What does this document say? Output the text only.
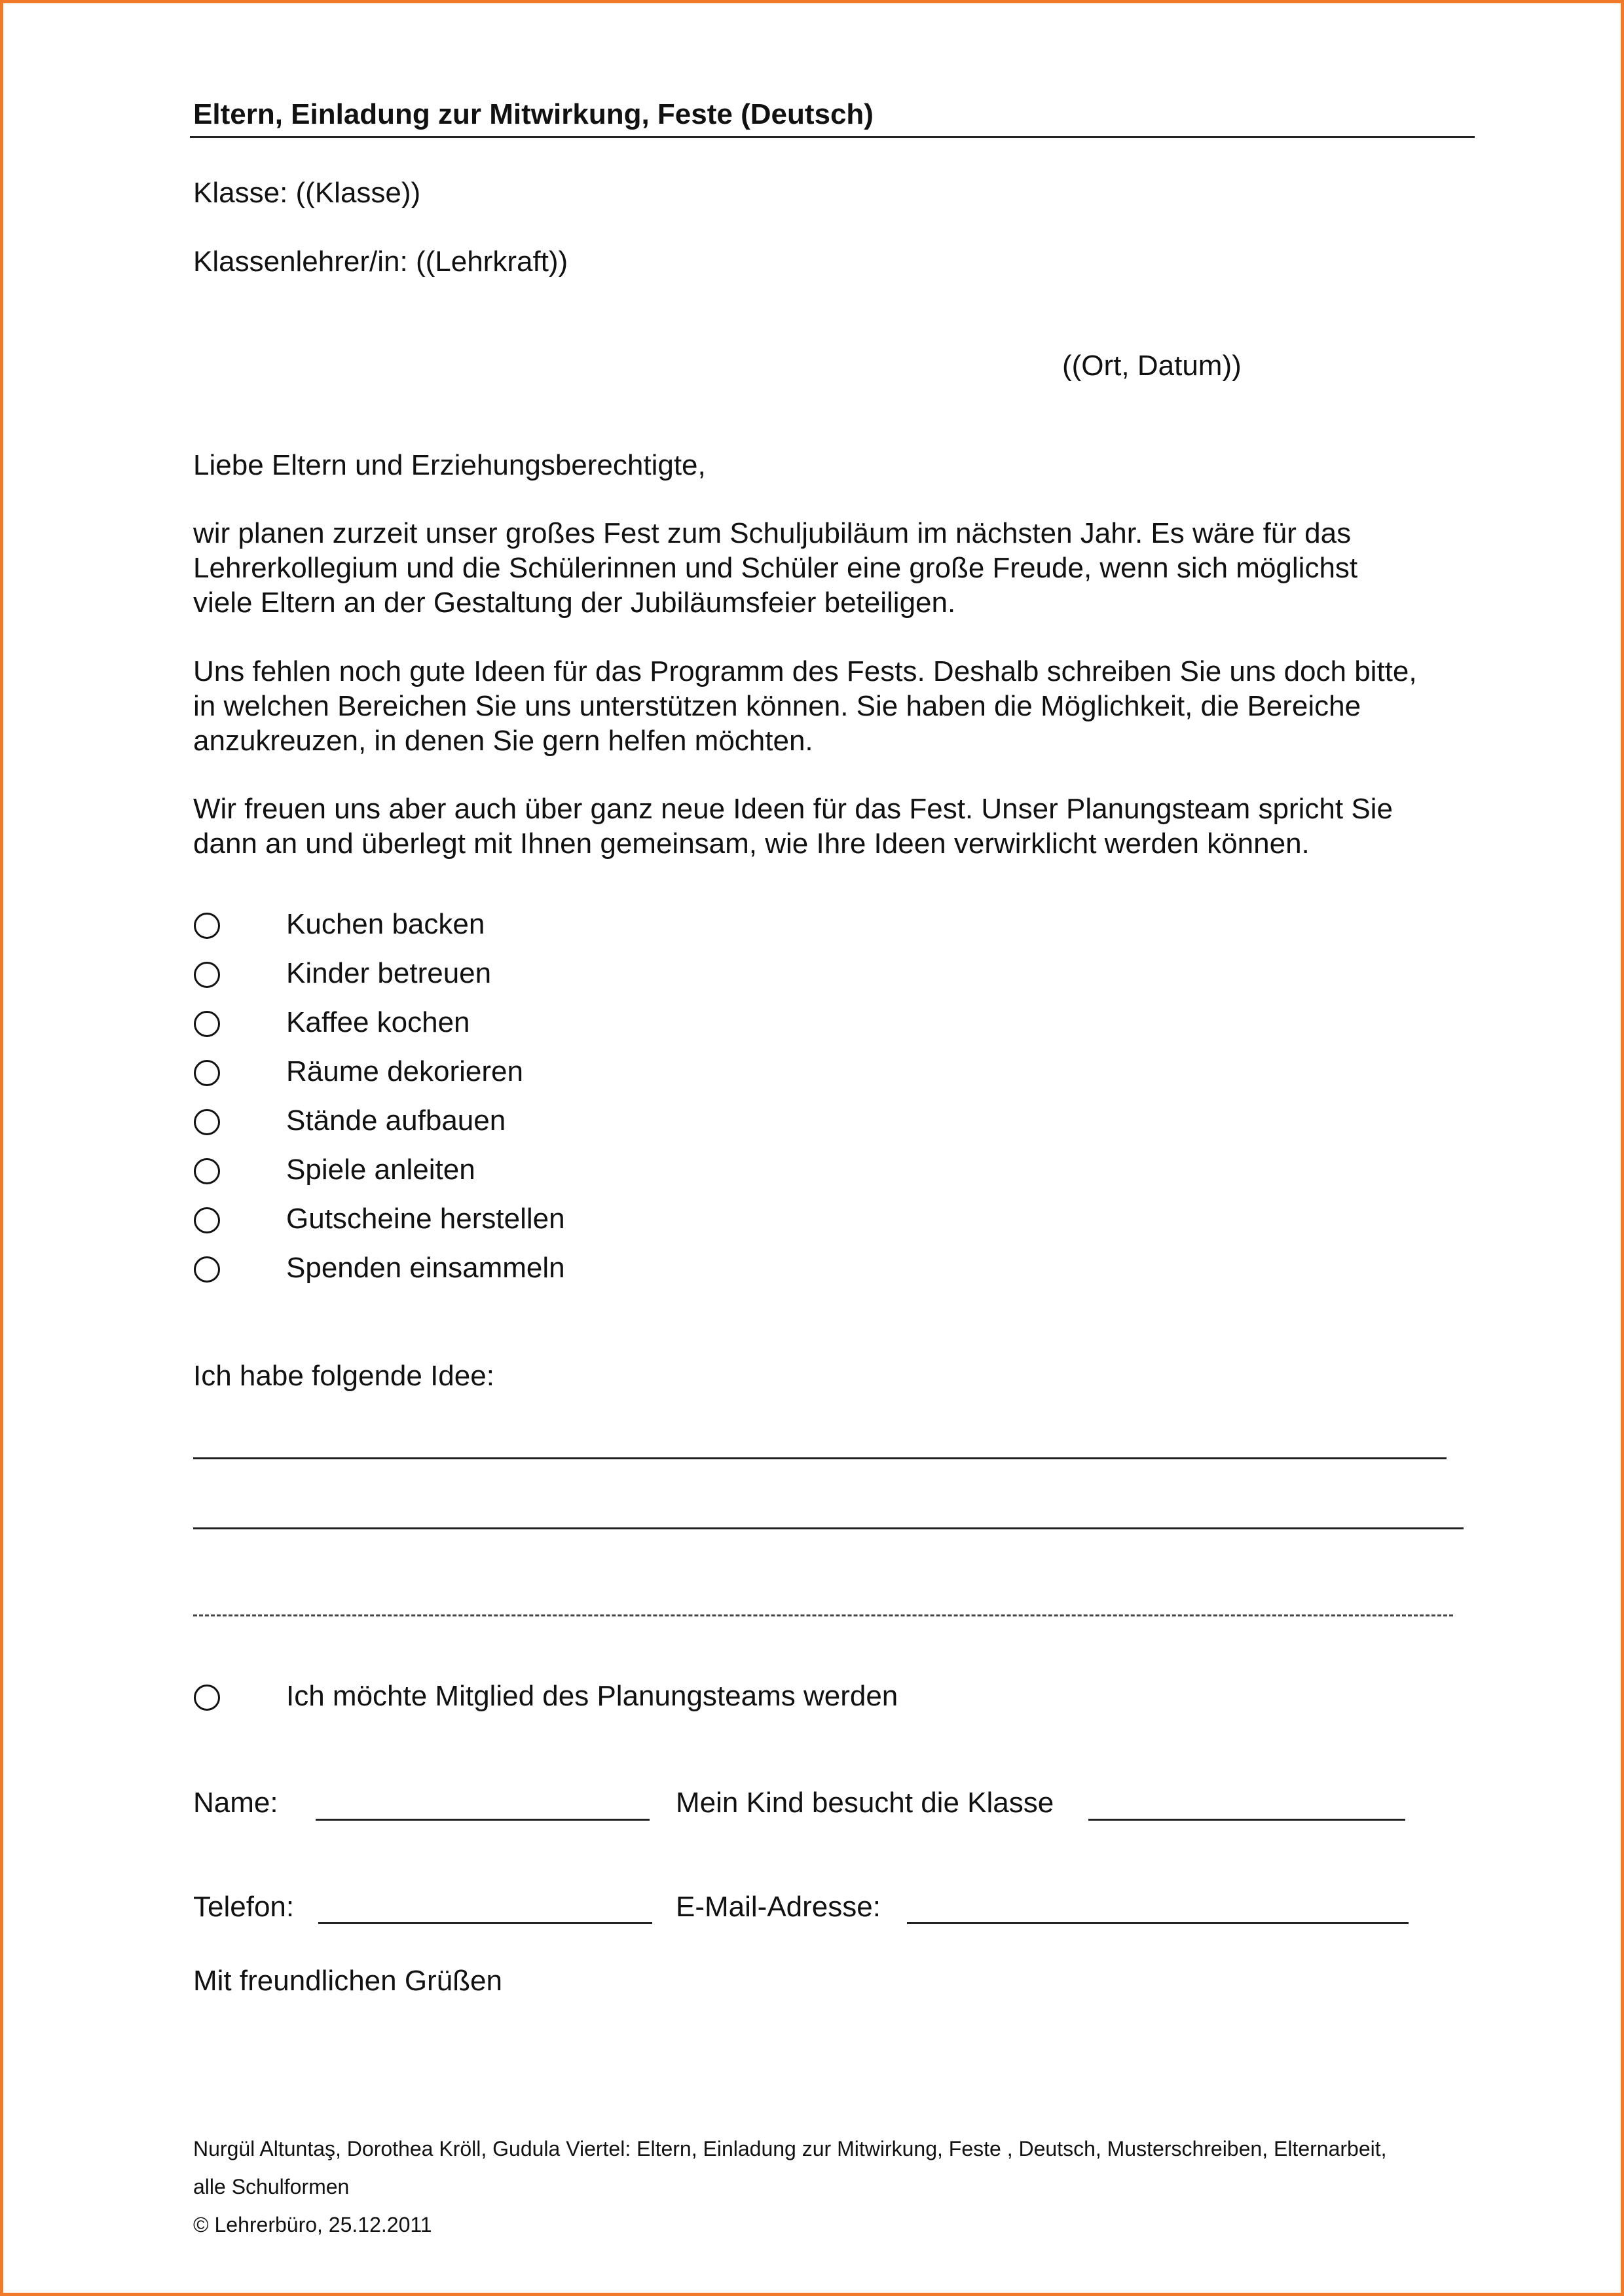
Eltern, Einladung zur Mitwirkung, Feste (Deutsch)
Klasse: ((Klasse))
Klassenlehrer/in: ((Lehrkraft))
((Ort, Datum))
Liebe Eltern und Erziehungsberechtigte,
wir planen zurzeit unser großes Fest zum Schuljubiläum im nächsten Jahr. Es wäre für das
Lehrerkollegium und die Schülerinnen und Schüler eine große Freude, wenn sich möglichst
viele Eltern an der Gestaltung der Jubiläumsfeier beteiligen.
Uns fehlen noch gute Ideen für das Programm des Fests. Deshalb schreiben Sie uns doch bitte,
in welchen Bereichen Sie uns unterstützen können. Sie haben die Möglichkeit, die Bereiche
anzukreuzen, in denen Sie gern helfen möchten.
Wir freuen uns aber auch über ganz neue Ideen für das Fest. Unser Planungsteam spricht Sie
dann an und überlegt mit Ihnen gemeinsam, wie Ihre Ideen verwirklicht werden können.
Kuchen backen
Kinder betreuen
Kaffee kochen
Räume dekorieren
Stände aufbauen
Spiele anleiten
Gutscheine herstellen
Spenden einsammeln
Ich habe folgende Idee:
Ich möchte Mitglied des Planungsteams werden
Name:	Mein Kind besucht die Klasse
Telefon:	E-Mail-Adresse:
Mit freundlichen Grüßen
Nurgül Altuntaş, Dorothea Kröll, Gudula Viertel: Eltern, Einladung zur Mitwirkung, Feste , Deutsch, Musterschreiben, Elternarbeit,
alle Schulformen
© Lehrerbüro, 25.12.2011
